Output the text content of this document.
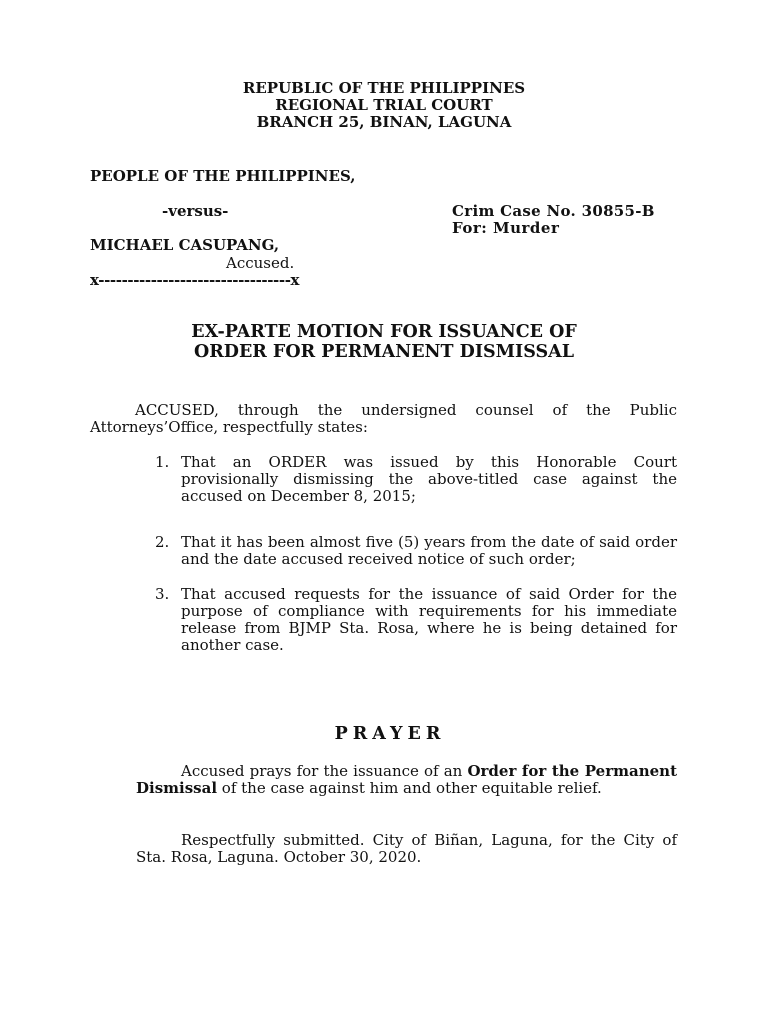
REPUBLIC OF THE PHILIPPINES
REGIONAL TRIAL COURT
BRANCH 25, BINAN, LAGUNA
PEOPLE OF THE PHILIPPINES,
-versus-	Crim Case No. 30855-B
For: Murder
MICHAEL CASUPANG,
Accused.
x---------------------------------x
EX-PARTE MOTION FOR ISSUANCE OF
ORDER FOR PERMANENT DISMISSAL
ACCUSED, through the undersigned counsel of the Public Attorneys’Office, respectfully states:
1. That an ORDER was issued by this Honorable Court provisionally dismissing the above-titled case against the accused on December 8, 2015;
2. That it has been almost five (5) years from the date of said order and the date accused received notice of such order;
3. That accused requests for the issuance of said Order for the purpose of compliance with requirements for his immediate release from BJMP Sta. Rosa, where he is being detained for another case.
PRAYER
Accused prays for the issuance of an Order for the Permanent Dismissal of the case against him and other equitable relief.
Respectfully submitted. City of Biñan, Laguna, for the City of Sta. Rosa, Laguna. October 30, 2020.
